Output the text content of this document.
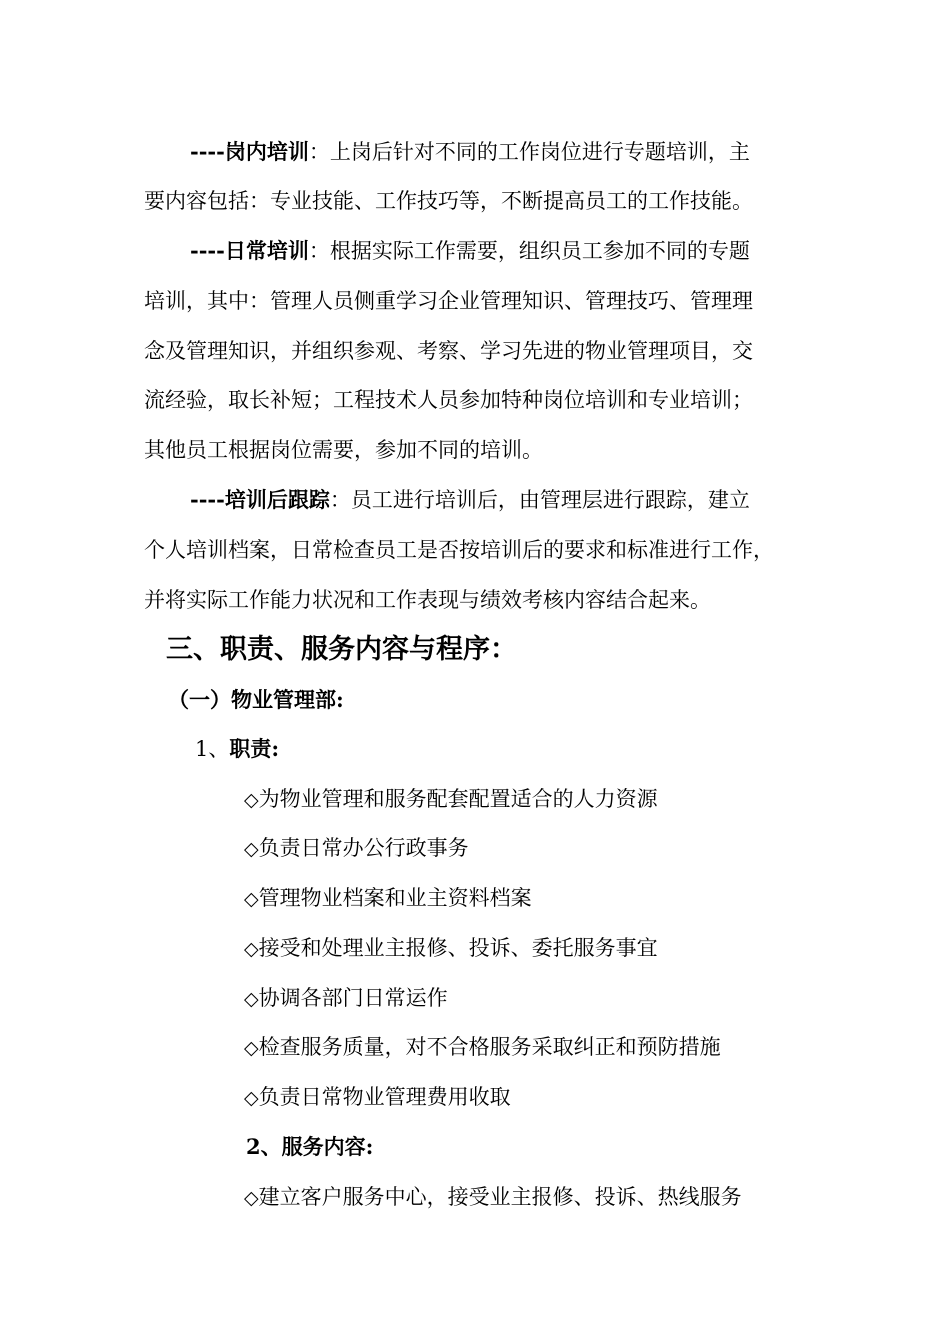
----岗内培训：上岗后针对不同的工作岗位进行专题培训，主
要内容包括：专业技能、工作技巧等，不断提高员工的工作技能。
----日常培训：根据实际工作需要，组织员工参加不同的专题
培训，其中：管理人员侧重学习企业管理知识、管理技巧、管理理
念及管理知识，并组织参观、考察、学习先进的物业管理项目，交
流经验，取长补短；工程技术人员参加特种岗位培训和专业培训；
其他员工根据岗位需要，参加不同的培训。
----培训后跟踪：员工进行培训后，由管理层进行跟踪，建立
个人培训档案，日常检查员工是否按培训后的要求和标准进行工作，
并将实际工作能力状况和工作表现与绩效考核内容结合起来。
三、职责、服务内容与程序：
（一）物业管理部:
1、职责:
◇为物业管理和服务配套配置适合的人力资源
◇负责日常办公行政事务
◇管理物业档案和业主资料档案
◇接受和处理业主报修、投诉、委托服务事宜
◇协调各部门日常运作
◇检查服务质量，对不合格服务采取纠正和预防措施
◇负责日常物业管理费用收取
2、服务内容:
◇建立客户服务中心，接受业主报修、投诉、热线服务
